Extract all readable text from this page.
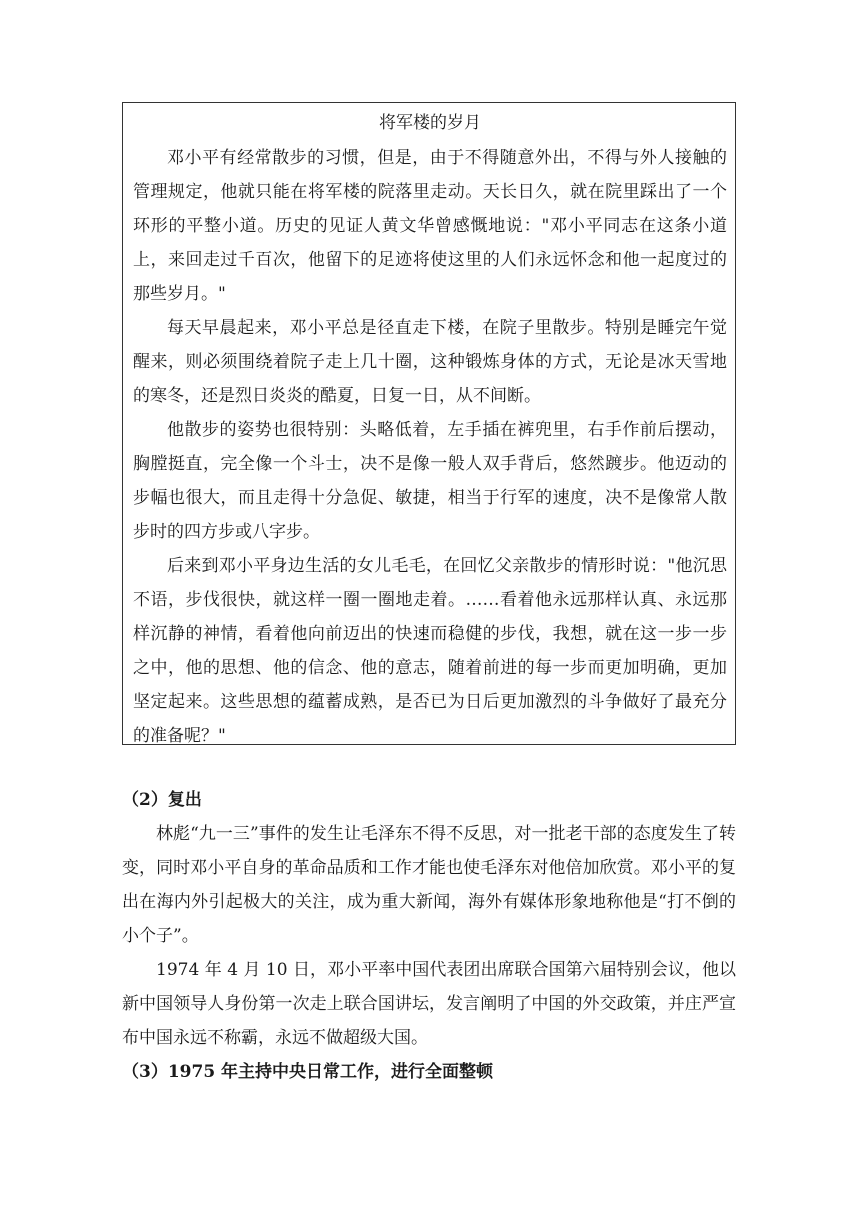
将军楼的岁月

邓小平有经常散步的习惯，但是，由于不得随意外出，不得与外人接触的管理规定，他就只能在将军楼的院落里走动。天长日久，就在院里踩出了一个环形的平整小道。历史的见证人黄文华曾感慨地说："邓小平同志在这条小道上，来回走过千百次，他留下的足迹将使这里的人们永远怀念和他一起度过的那些岁月。"

每天早晨起来，邓小平总是径直走下楼，在院子里散步。特别是睡完午觉醒来，则必须围绕着院子走上几十圈，这种锻炼身体的方式，无论是冰天雪地的寒冬，还是烈日炎炎的酷夏，日复一日，从不间断。

他散步的姿势也很特别：头略低着，左手插在裤兜里，右手作前后摆动，胸膛挺直，完全像一个斗士，决不是像一般人双手背后，悠然踱步。他迈动的步幅也很大，而且走得十分急促、敏捷，相当于行军的速度，决不是像常人散步时的四方步或八字步。

后来到邓小平身边生活的女儿毛毛，在回忆父亲散步的情形时说："他沉思不语，步伐很快，就这样一圈一圈地走着。……看着他永远那样认真、永远那样沉静的神情，看着他向前迈出的快速而稳健的步伐，我想，就在这一步一步之中，他的思想、他的信念、他的意志，随着前进的每一步而更加明确，更加坚定起来。这些思想的蕴蓄成熟，是否已为日后更加激烈的斗争做好了最充分的准备呢？"

（2）复出

林彪“九一三”事件的发生让毛泽东不得不反思，对一批老干部的态度发生了转变，同时邓小平自身的革命品质和工作才能也使毛泽东对他倍加欣赏。邓小平的复出在海内外引起极大的关注，成为重大新闻，海外有媒体形象地称他是“打不倒的小个子”。

1974 年 4 月 10 日，邓小平率中国代表团出席联合国第六届特别会议，他以新中国领导人身份第一次走上联合国讲坛，发言阐明了中国的外交政策，并庄严宣布中国永远不称霸，永远不做超级大国。

（3）1975 年主持中央日常工作，进行全面整顿
